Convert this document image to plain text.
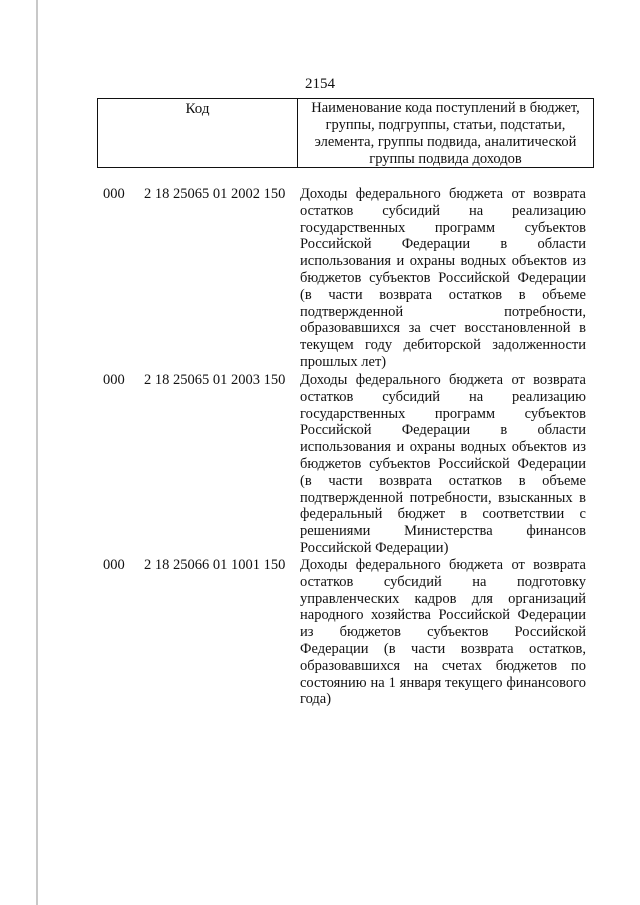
2154
Код	Наименование кода поступлений в бюджет,
группы, подгруппы, статьи, подстатьи,
элемента, группы подвида, аналитической
группы подвида доходов
000 2 18 25065 01 2002 150 Доходы федерального бюджета от возврата
остатков субсидий на реализацию
государственных программ субъектов
Российской Федерации в области
использования и охраны водных объектов из
бюджетов субъектов Российской Федерации
(в части возврата остатков в объеме
подтвержденной потребности,
образовавшихся за счет восстановленной в
текущем году дебиторской задолженности
прошлых лет)
000 2 18 25065 01 2003 150 Доходы федерального бюджета от возврата
остатков субсидий на реализацию
государственных программ субъектов
Российской Федерации в области
использования и охраны водных объектов из
бюджетов субъектов Российской Федерации
(в части возврата остатков в объеме
подтвержденной потребности, взысканных в
федеральный бюджет в соответствии с
решениями Министерства финансов
Российской Федерации)
000 2 18 25066 01 1001 150 Доходы федерального бюджета от возврата
остатков субсидий на подготовку
управленческих кадров для организаций
народного хозяйства Российской Федерации
из бюджетов субъектов Российской
Федерации (в части возврата остатков,
образовавшихся на счетах бюджетов по
состоянию на 1 января текущего финансового
года)
